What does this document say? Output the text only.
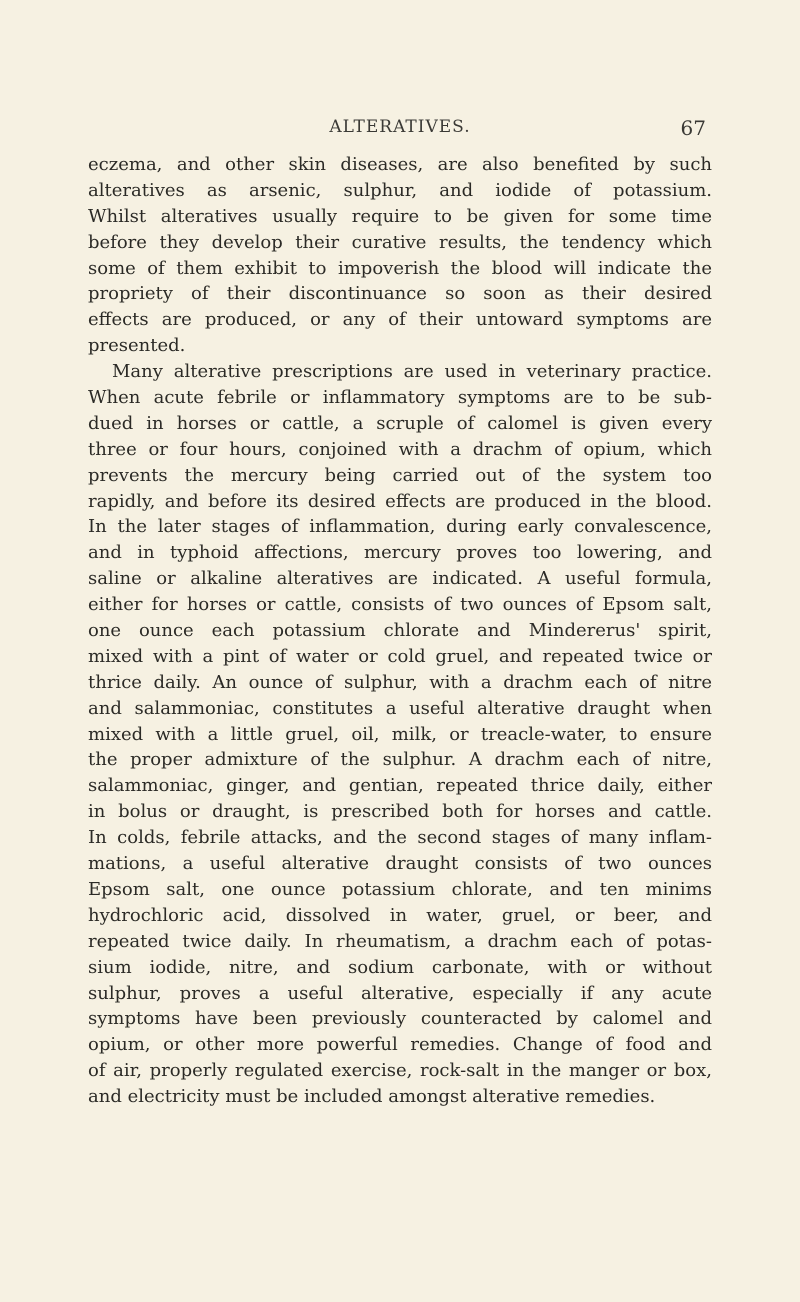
ALTERATIVES.	67
eczema, and other skin diseases, are also benefited by such
alteratives as arsenic, sulphur, and iodide of potassium.
Whilst alteratives usually require to be given for some time
before they develop their curative results, the tendency which
some of them exhibit to impoverish the blood will indicate the
propriety of their discontinuance so soon as their desired
effects are produced, or any of their untoward symptoms are
presented.
Many alterative prescriptions are used in veterinary practice.
When acute febrile or inflammatory symptoms are to be sub-
dued in horses or cattle, a scruple of calomel is given every
three or four hours, conjoined with a drachm of opium, which
prevents the mercury being carried out of the system too
rapidly, and before its desired effects are produced in the blood.
In the later stages of inflammation, during early convalescence,
and in typhoid affections, mercury proves too lowering, and
saline or alkaline alteratives are indicated. A useful formula,
either for horses or cattle, consists of two ounces of Epsom salt,
one ounce each potassium chlorate and Mindererus' spirit,
mixed with a pint of water or cold gruel, and repeated twice or
thrice daily. An ounce of sulphur, with a drachm each of nitre
and salammoniac, constitutes a useful alterative draught when
mixed with a little gruel, oil, milk, or treacle-water, to ensure
the proper admixture of the sulphur. A drachm each of nitre,
salammoniac, ginger, and gentian, repeated thrice daily, either
in bolus or draught, is prescribed both for horses and cattle.
In colds, febrile attacks, and the second stages of many inflam-
mations, a useful alterative draught consists of two ounces
Epsom salt, one ounce potassium chlorate, and ten minims
hydrochloric acid, dissolved in water, gruel, or beer, and
repeated twice daily. In rheumatism, a drachm each of potas-
sium iodide, nitre, and sodium carbonate, with or without
sulphur, proves a useful alterative, especially if any acute
symptoms have been previously counteracted by calomel and
opium, or other more powerful remedies. Change of food and
of air, properly regulated exercise, rock-salt in the manger or box,
and electricity must be included amongst alterative remedies.
